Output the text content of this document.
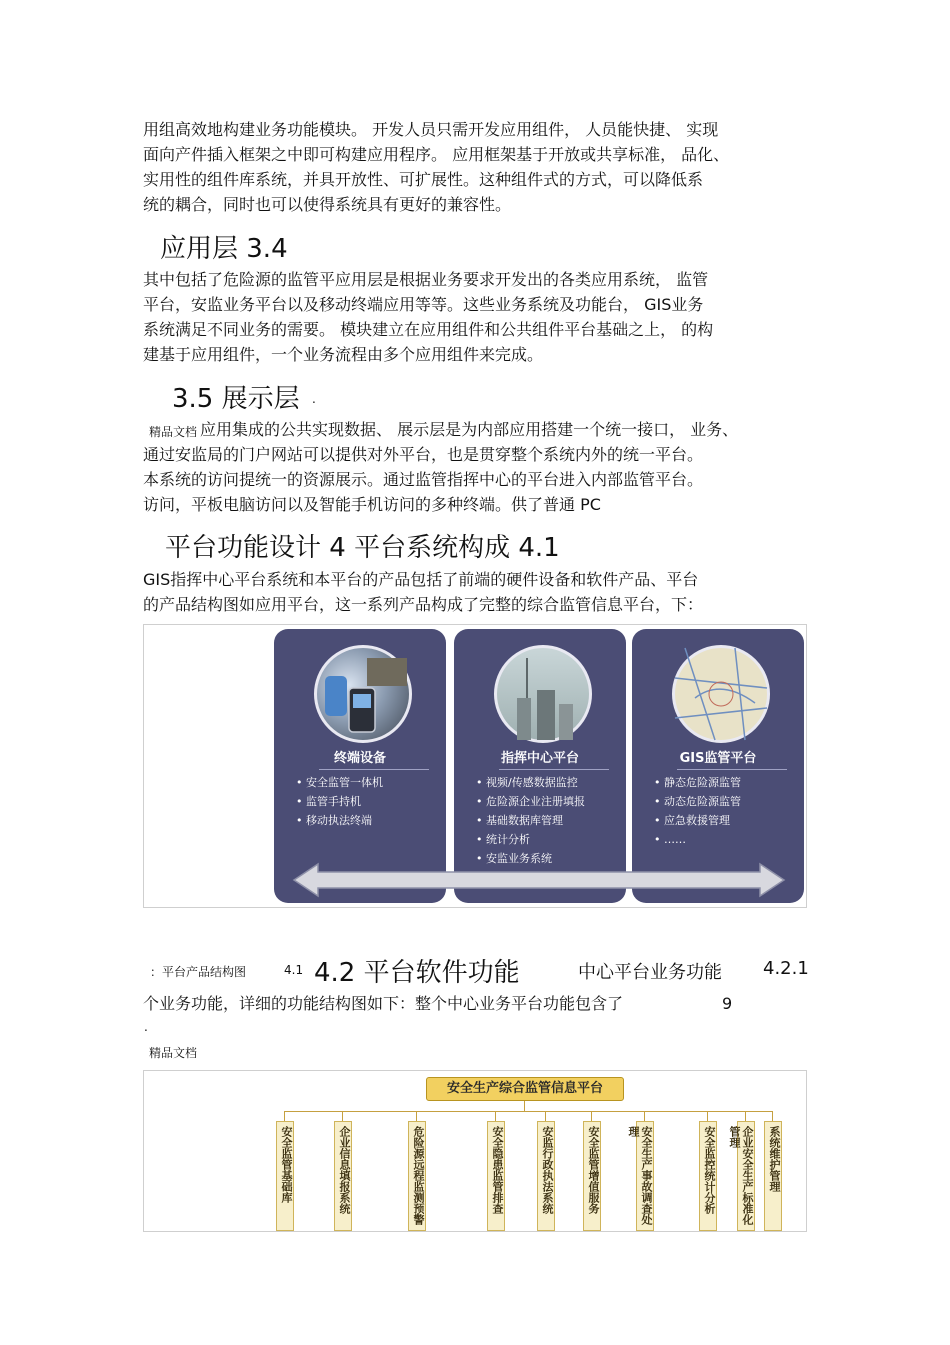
用组高效地构建业务功能模块。 开发人员只需开发应用组件， 人员能快捷、 实现
面向产件插入框架之中即可构建应用程序。 应用框架基于开放或共享标准， 品化、
实用性的组件库系统，并具开放性、可扩展性。这种组件式的方式，可以降低系
统的耦合，同时也可以使得系统具有更好的兼容性。
应用层 3.4
其中包括了危险源的监管平应用层是根据业务要求开发出的各类应用系统， 监管
平台，安监业务平台以及移动终端应用等等。这些业务系统及功能台， GIS业务
系统满足不同业务的需要。 模块建立在应用组件和公共组件平台基础之上， 的构
建基于应用组件，一个业务流程由多个应用组件来完成。
3.5 展示层 .
精品文档 应用集成的公共实现数据、 展示层是为内部应用搭建一个统一接口， 业务、
通过安监局的门户网站可以提供对外平台，也是贯穿整个系统内外的统一平台。
本系统的访问提统一的资源展示。通过监管指挥中心的平台进入内部监管平台。
访问，平板电脑访问以及智能手机访问的多种终端。供了普通 PC
平台功能设计 4 平台系统构成 4.1
GIS指挥中心平台系统和本平台的产品包括了前端的硬件设备和软件产品、平台
的产品结构图如应用平台，这一系列产品构成了完整的综合监管信息平台，下：
终端设备
• 安全监管一体机
• 监管手持机
• 移动执法终端
指挥中心平台
• 视频/传感数据监控
• 危险源企业注册填报
• 基础数据库管理
• 统计分析
• 安监业务系统
•
GIS监管平台
• 静态危险源监管
• 动态危险源监管
• 应急救援管理
• ……
：平台产品结构图	4.1 4.2 平台软件功能	中心平台业务功能 4.2.1
个业务功能，详细的功能结构图如下：整个中心业务平台功能包含了	9
.
精品文档
安全生产综合监管信息平台
安全监管基础库	企业信息填报系统	危险源远程监测预警	安全隐患监管排查	安监行政执法系统	安全监管增值服务	安全生产事故调查处理	安全监控统计分析	企业安全生产标准化管理	系统维护管理
